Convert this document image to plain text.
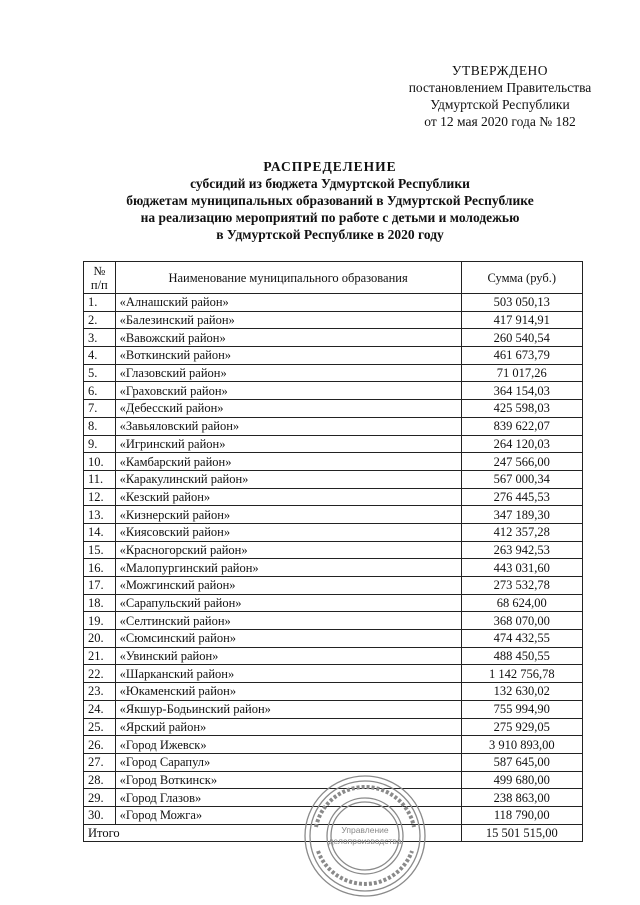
УТВЕРЖДЕНО
постановлением Правительства
Удмуртской Республики
от 12 мая 2020 года № 182
РАСПРЕДЕЛЕНИЕ
субсидий из бюджета Удмуртской Республики
бюджетам муниципальных образований в Удмуртской Республике
на реализацию мероприятий по работе с детьми и молодежью
в Удмуртской Республике в 2020 году
№
п/п	Наименование муниципального образования	Сумма (руб.)
1.	«Алнашский район»	503 050,13
2.	«Балезинский район»	417 914,91
3.	«Вавожский район»	260 540,54
4.	«Воткинский район»	461 673,79
5.	«Глазовский район»	71 017,26
6.	«Граховский район»	364 154,03
7.	«Дебесский район»	425 598,03
8.	«Завьяловский район»	839 622,07
9.	«Игринский район»	264 120,03
10.	«Камбарский район»	247 566,00
11.	«Каракулинский район»	567 000,34
12.	«Кезский район»	276 445,53
13.	«Кизнерский район»	347 189,30
14.	«Киясовский район»	412 357,28
15.	«Красногорский район»	263 942,53
16.	«Малопургинский район»	443 031,60
17.	«Можгинский район»	273 532,78
18.	«Сарапульский район»	68 624,00
19.	«Селтинский район»	368 070,00
20.	«Сюмсинский район»	474 432,55
21.	«Увинский район»	488 450,55
22.	«Шарканский район»	1 142 756,78
23.	«Юкаменский район»	132 630,02
24.	«Якшур-Бодьинский район»	755 994,90
25.	«Ярский район»	275 929,05
26.	«Город Ижевск»	3 910 893,00
27.	«Город Сарапул»	587 645,00
28.	«Город Воткинск»	499 680,00
29.	«Город Глазов»	238 863,00
30.	«Город Можга»	118 790,00
Итого		15 501 515,00
Управление
делопроизводства
